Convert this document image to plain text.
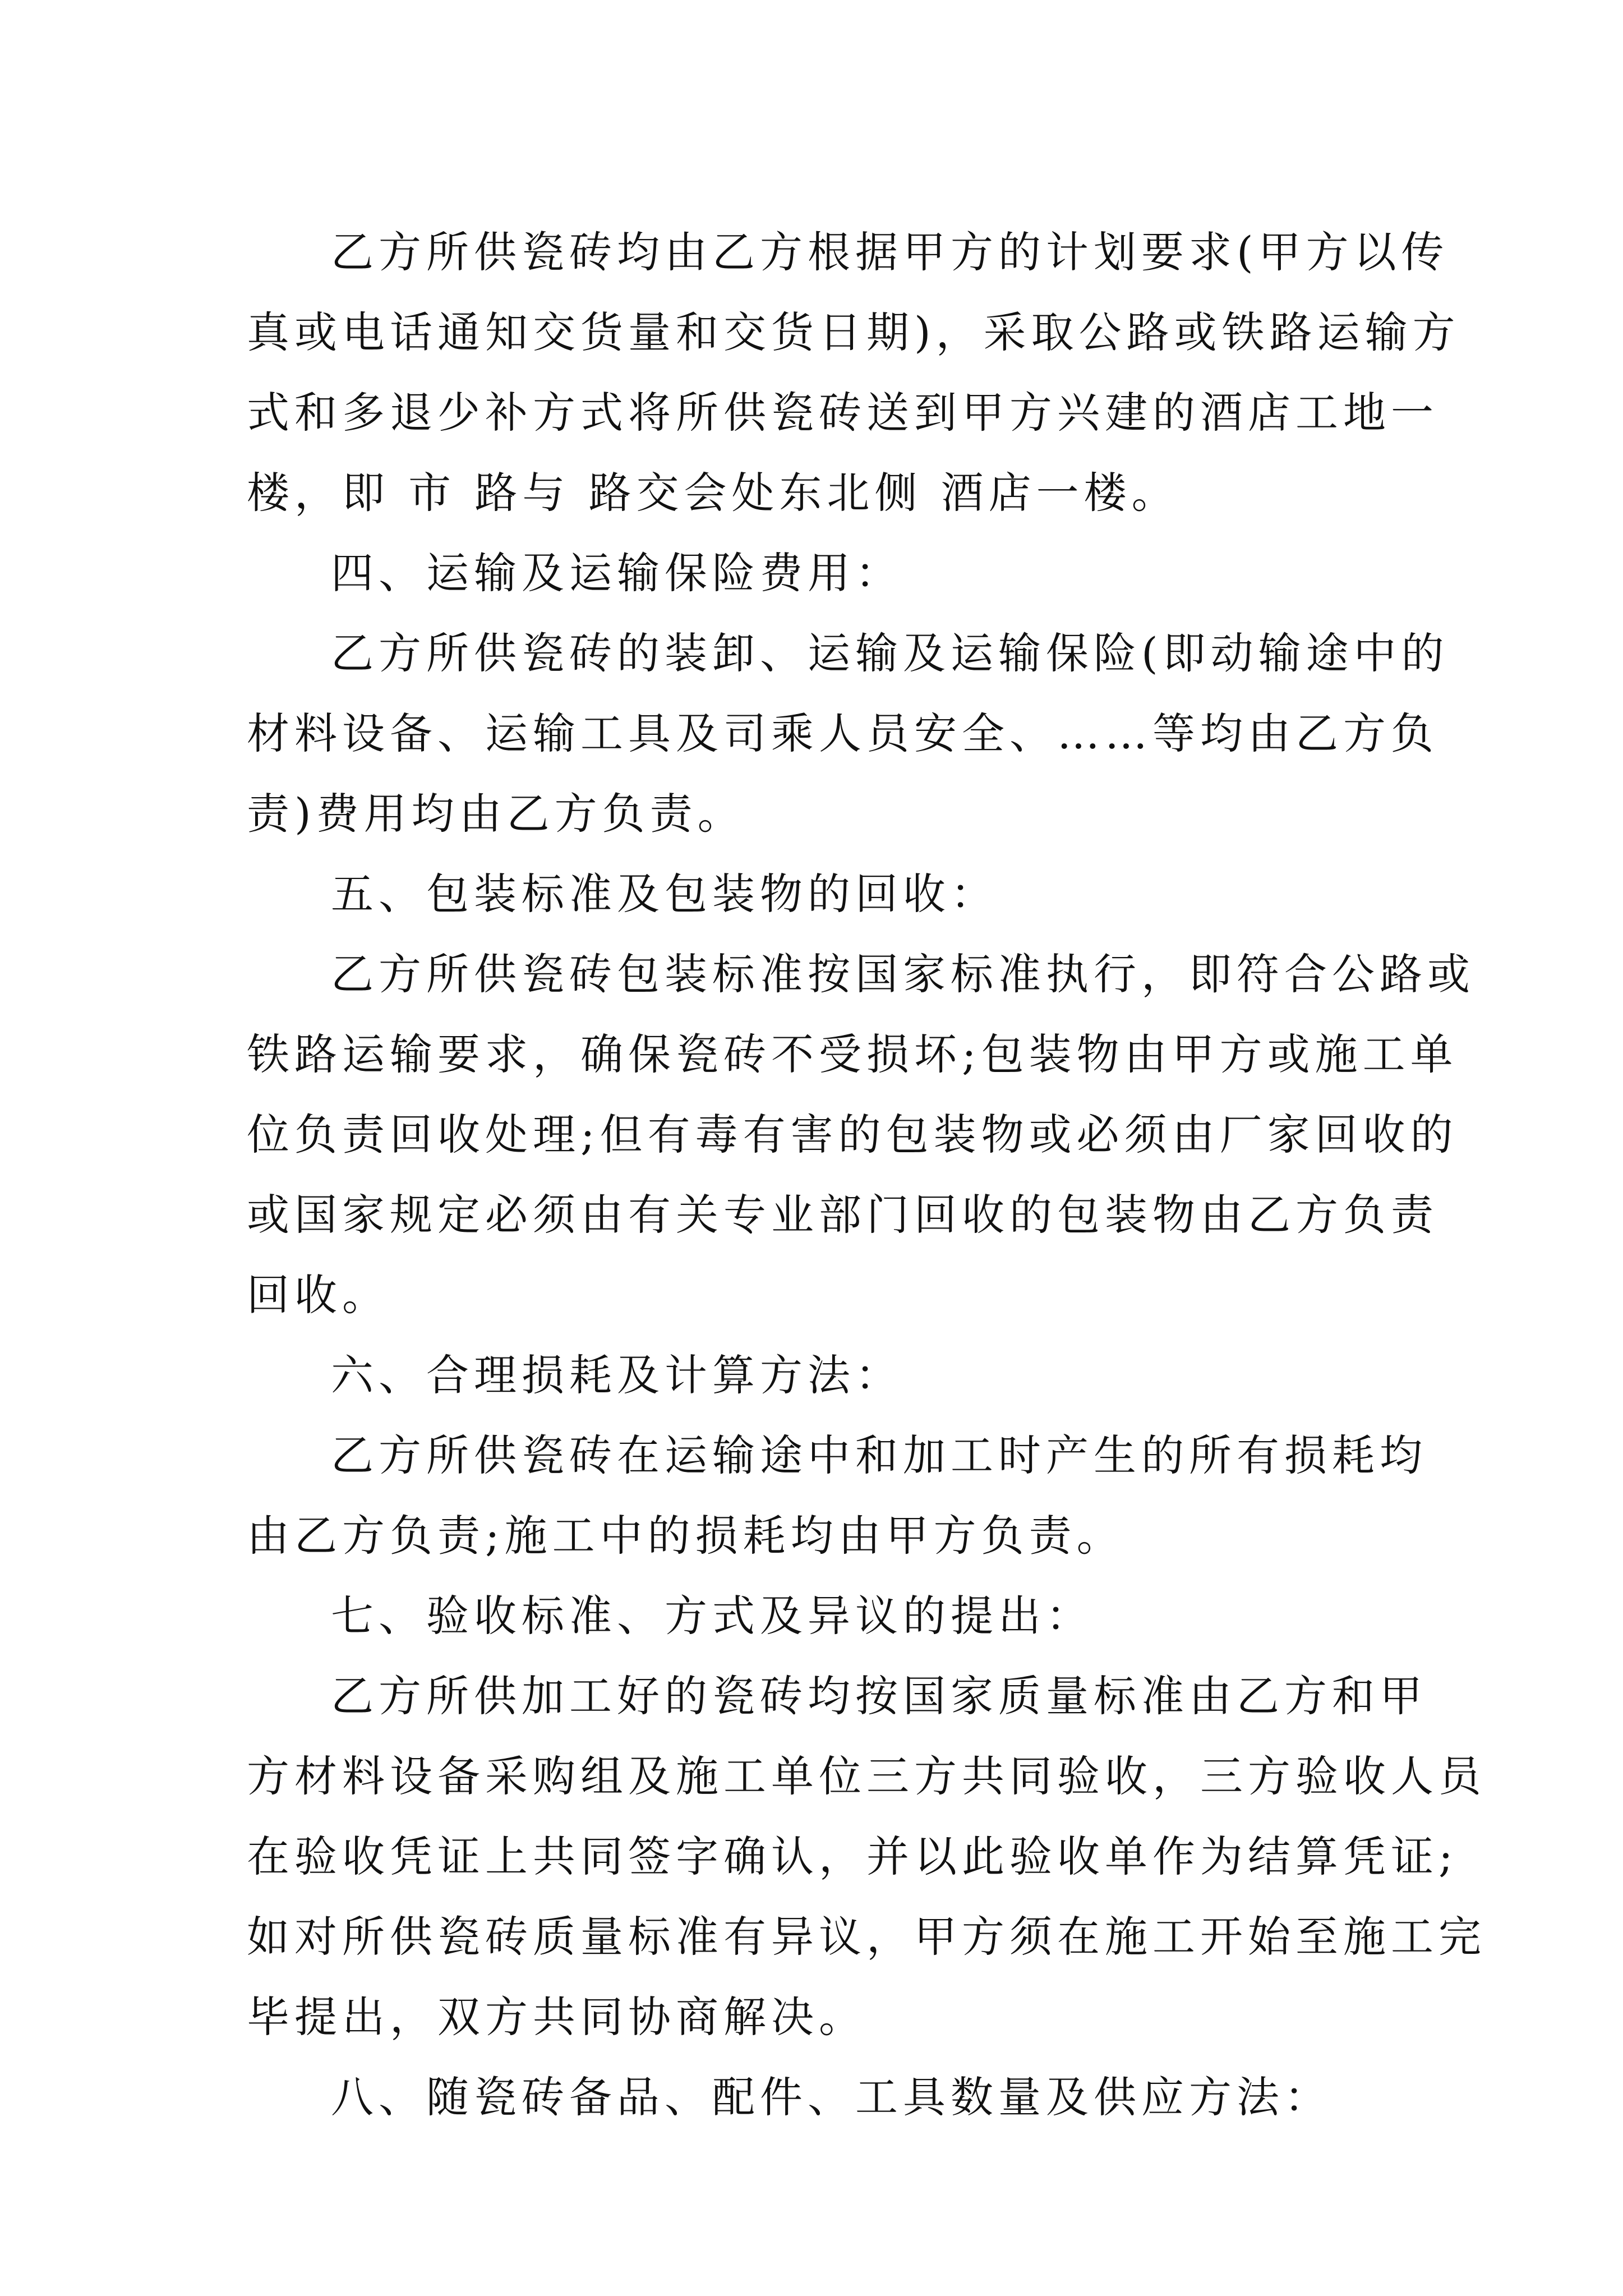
乙方所供瓷砖均由乙方根据甲方的计划要求(甲方以传
真或电话通知交货量和交货日期)，采取公路或铁路运输方
式和多退少补方式将所供瓷砖送到甲方兴建的酒店工地一
楼，即 市 路与 路交会处东北侧 酒店一楼。
四、运输及运输保险费用：
乙方所供瓷砖的装卸、运输及运输保险(即动输途中的
材料设备、运输工具及司乘人员安全、……等均由乙方负
责)费用均由乙方负责。
五、包装标准及包装物的回收：
乙方所供瓷砖包装标准按国家标准执行，即符合公路或
铁路运输要求，确保瓷砖不受损坏;包装物由甲方或施工单
位负责回收处理;但有毒有害的包装物或必须由厂家回收的
或国家规定必须由有关专业部门回收的包装物由乙方负责
回收。
六、合理损耗及计算方法：
乙方所供瓷砖在运输途中和加工时产生的所有损耗均
由乙方负责;施工中的损耗均由甲方负责。
七、验收标准、方式及异议的提出：
乙方所供加工好的瓷砖均按国家质量标准由乙方和甲
方材料设备采购组及施工单位三方共同验收，三方验收人员
在验收凭证上共同签字确认，并以此验收单作为结算凭证;
如对所供瓷砖质量标准有异议，甲方须在施工开始至施工完
毕提出，双方共同协商解决。
八、随瓷砖备品、配件、工具数量及供应方法：
